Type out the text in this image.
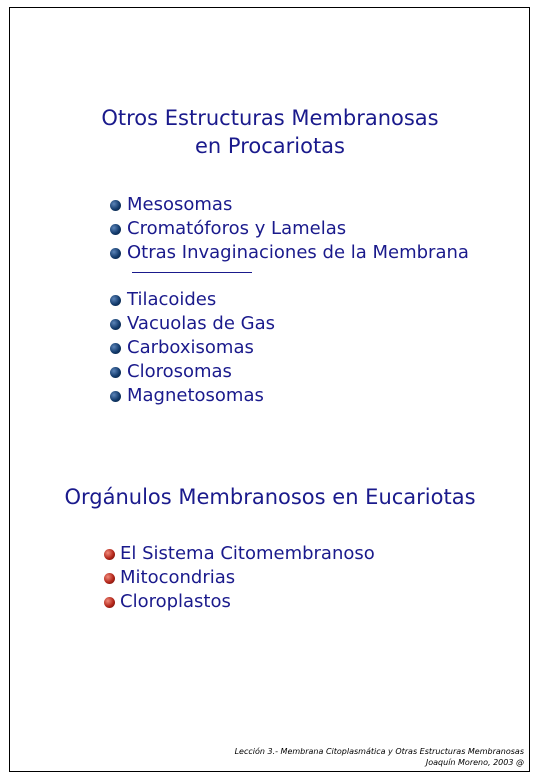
Otros Estructuras Membranosas
en Procariotas
Mesosomas
Cromatóforos y Lamelas
Otras Invaginaciones de la Membrana
Tilacoides
Vacuolas de Gas
Carboxisomas
Clorosomas
Magnetosomas
Orgánulos Membranosos en Eucariotas
El Sistema Citomembranoso
Mitocondrias
Cloroplastos
Lección 3.- Membrana Citoplasmática y Otras Estructuras Membranosas
Joaquín Moreno, 2003 @
